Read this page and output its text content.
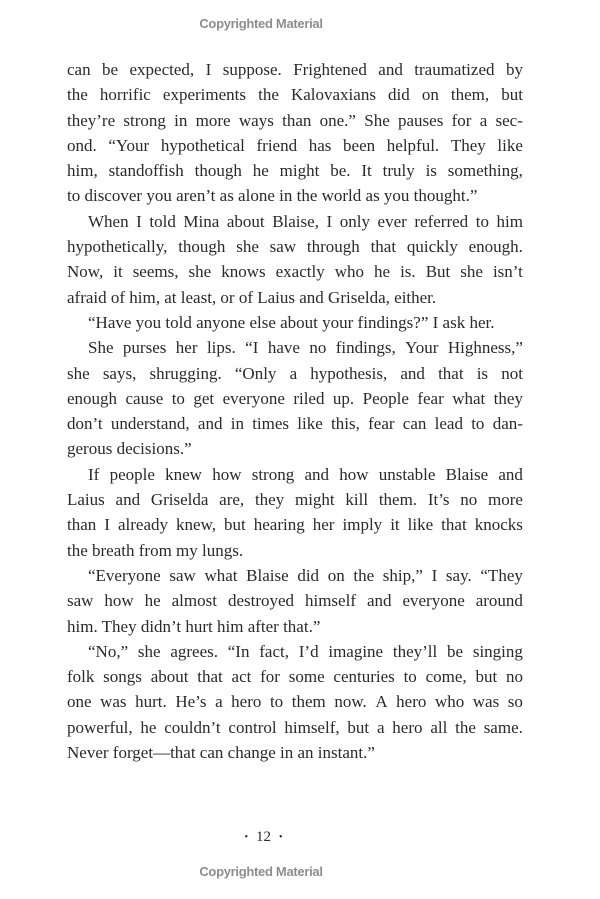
Copyrighted Material
can be expected, I suppose. Frightened and traumatized by
the horrific experiments the Kalovaxians did on them, but
they’re strong in more ways than one.” She pauses for a sec-
ond. “Your hypothetical friend has been helpful. They like
him, standoffish though he might be. It truly is something,
to discover you aren’t as alone in the world as you thought.”
When I told Mina about Blaise, I only ever referred to him
hypothetically, though she saw through that quickly enough.
Now, it seems, she knows exactly who he is. But she isn’t
afraid of him, at least, or of Laius and Griselda, either.
“Have you told anyone else about your findings?” I ask her.
She purses her lips. “I have no findings, Your Highness,”
she says, shrugging. “Only a hypothesis, and that is not
enough cause to get everyone riled up. People fear what they
don’t understand, and in times like this, fear can lead to dan-
gerous decisions.”
If people knew how strong and how unstable Blaise and
Laius and Griselda are, they might kill them. It’s no more
than I already knew, but hearing her imply it like that knocks
the breath from my lungs.
“Everyone saw what Blaise did on the ship,” I say. “They
saw how he almost destroyed himself and everyone around
him. They didn’t hurt him after that.”
“No,” she agrees. “In fact, I’d imagine they’ll be singing
folk songs about that act for some centuries to come, but no
one was hurt. He’s a hero to them now. A hero who was so
powerful, he couldn’t control himself, but a hero all the same.
Never forget—that can change in an instant.”
• 12 •
Copyrighted Material
